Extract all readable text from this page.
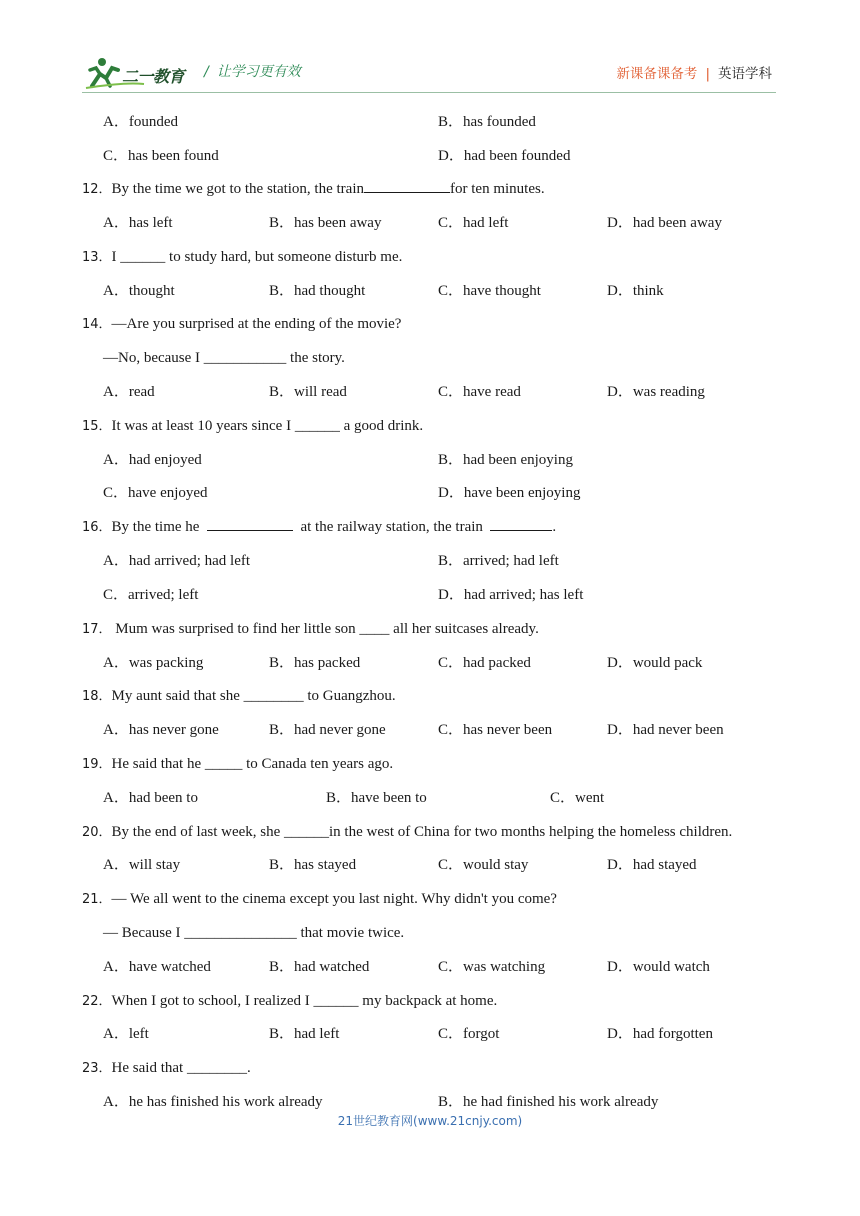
二一教育 / 让学习更有效	新课备课备考 | 英语学科
A．founded	B．has founded
C．has been found	D．had been founded
12．By the time we got to the station, the train	for ten minutes.
A．has left	B．has been away	C．had left	D．had been away
13．I ______ to study hard, but someone disturb me.
A．thought	B．had thought	C．have thought	D．think
14．—Are you surprised at the ending of the movie?
—No, because I ___________ the story.
A．read	B．will read	C．have read	D．was reading
15．It was at least 10 years since I ______ a good drink.
A．had enjoyed	B．had been enjoying
C．have enjoyed	D．have been enjoying
16．By the time he	at the railway station, the train	.
A．had arrived; had left	B．arrived; had left
C．arrived; left	D．had arrived; has left
17． Mum was surprised to find her little son ____ all her suitcases already.
A．was packing	B．has packed	C．had packed	D．would pack
18．My aunt said that she ________ to Guangzhou.
A．has never gone	B．had never gone	C．has never been	D．had never been
19．He said that he _____ to Canada ten years ago.
A．had been to	B．have been to	C．went
20．By the end of last week, she ______in the west of China for two months helping the homeless children.
A．will stay	B．has stayed	C．would stay	D．had stayed
21．— We all went to the cinema except you last night. Why didn't you come?
— Because I _______________ that movie twice.
A．have watched	B．had watched	C．was watching	D．would watch
22．When I got to school, I realized I ______ my backpack at home.
A．left	B．had left	C．forgot	D．had forgotten
23．He said that ________.
A．he has finished his work already	B．he had finished his work already
21世纪教育网(www.21cnjy.com)
